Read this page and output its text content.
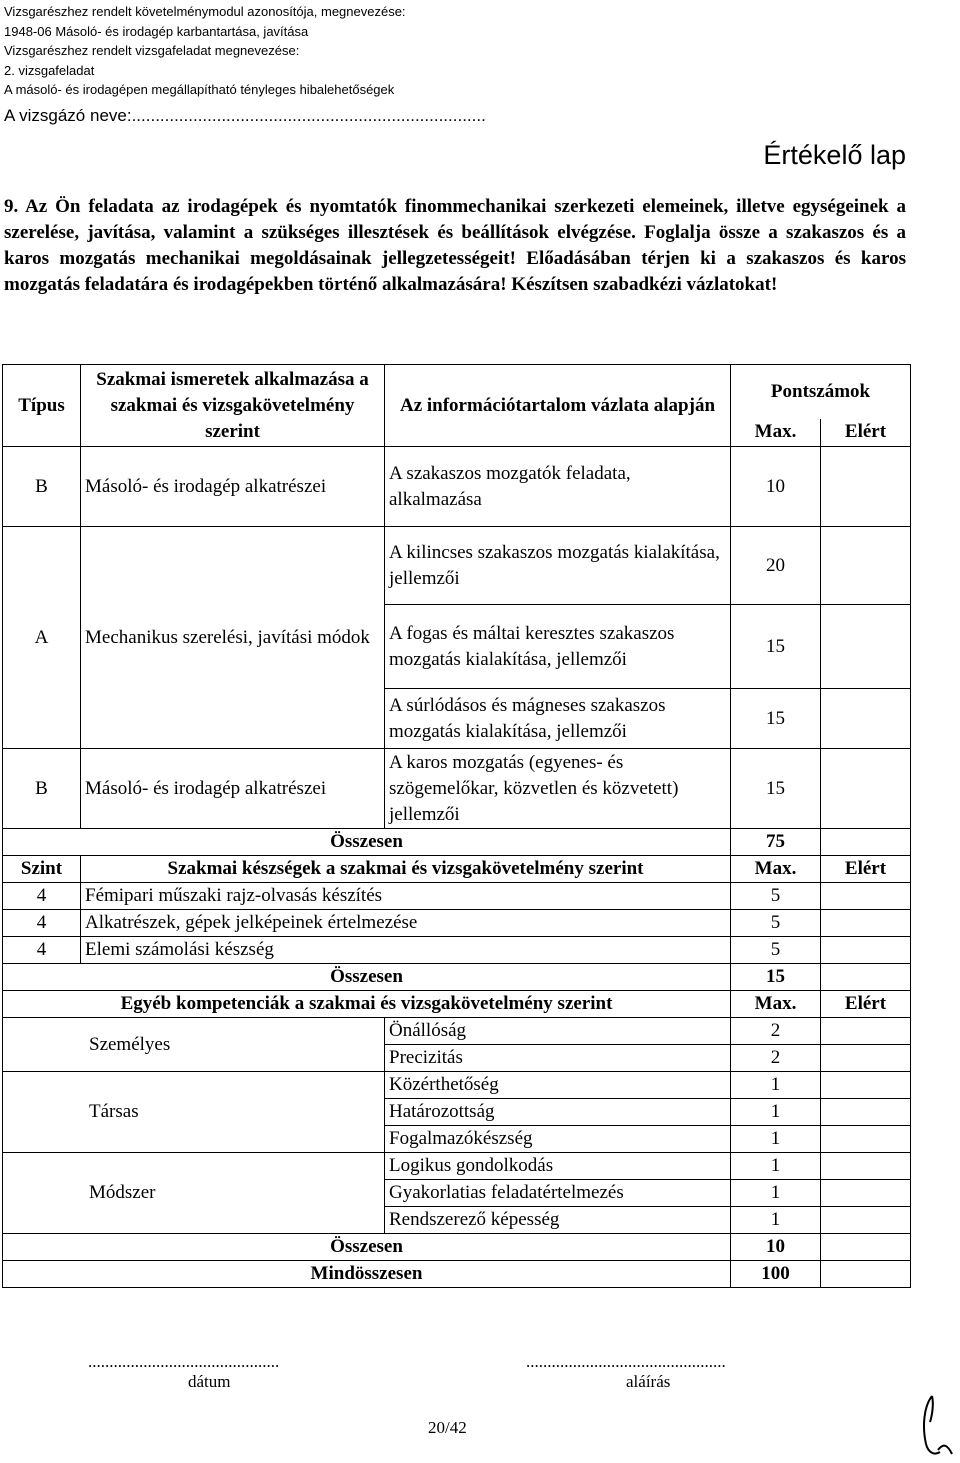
Vizsgarészhez rendelt követelménymodul azonosítója, megnevezése:
1948-06 Másoló- és irodagép karbantartása, javítása
Vizsgarészhez rendelt vizsgafeladat megnevezése:
2. vizsgafeladat
A másoló- és irodagépen megállapítható tényleges hibalehetőségek
A vizsgázó neve:...........................................................................
Értékelő lap
9. Az Ön feladata az irodagépek és nyomtatók finommechanikai szerkezeti elemeinek, illetve egységeinek a szerelése, javítása, valamint a szükséges illesztések és beállítások elvégzése. Foglalja össze a szakaszos és a karos mozgatás mechanikai megoldásainak jellegzetességeit! Előadásában térjen ki a szakaszos és karos mozgatás feladatára és irodagépekben történő alkalmazására! Készítsen szabadkézi vázlatokat!
Típus	Szakmai ismeretek alkalmazása a szakmai és vizsgakövetelmény szerint	Az információtartalom vázlata alapján	Pontszámok	
			Max.	Elért
B	Másoló- és irodagép alkatrészei	A szakaszos mozgatók feladata, alkalmazása	10	
A	Mechanikus szerelési, javítási módok	A kilincses szakaszos mozgatás kialakítása, jellemzői	20	
		A fogas és máltai keresztes szakaszos mozgatás kialakítása, jellemzői	15	
		A súrlódásos és mágneses szakaszos mozgatás kialakítása, jellemzői	15	
B	Másoló- és irodagép alkatrészei	A karos mozgatás (egyenes- és szögemelőkar, közvetlen és közvetett) jellemzői	15	
Összesen			75	
Szint	Szakmai készségek a szakmai és vizsgakövetelmény szerint		Max.	Elért
4	Fémipari műszaki rajz-olvasás készítés		5	
4	Alkatrészek, gépek jelképeinek értelmezése		5	
4	Elemi számolási készség		5	
Összesen			15	
Egyéb kompetenciák a szakmai és vizsgakövetelmény szerint			Max.	Elért
Személyes		Önállóság	2	
		Precizitás	2	
Társas		Közérthetőség	1	
		Határozottság	1	
		Fogalmazókészség	1	
Módszer		Logikus gondolkodás	1	
		Gyakorlatias feladatértelmezés	1	
		Rendszerező képesség	1	
Összesen			10	
Mindösszesen			100	
.............................................
dátum
...............................................
aláírás
20/42
